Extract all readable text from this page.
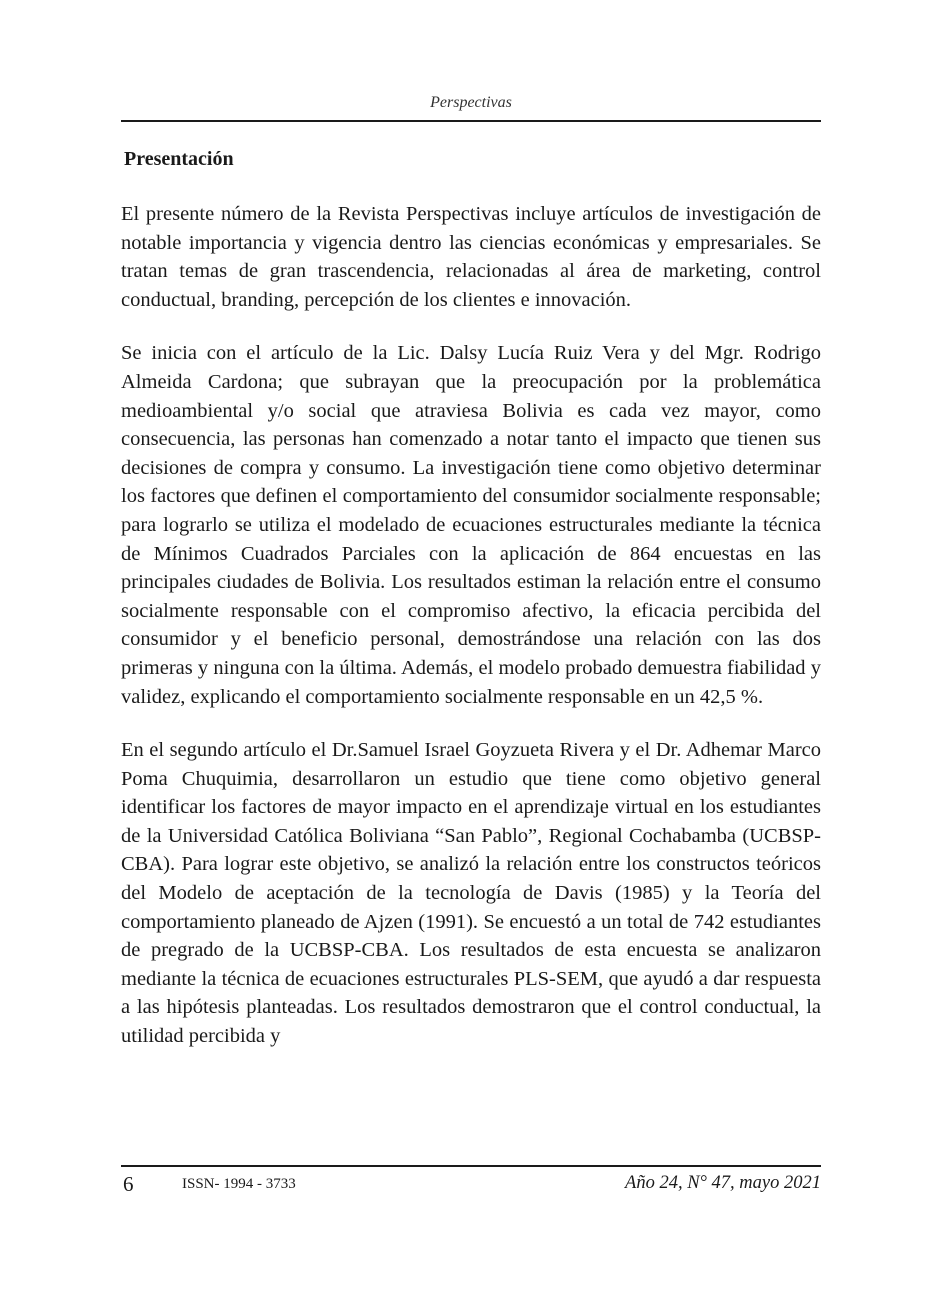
Perspectivas
Presentación

El presente número de la Revista Perspectivas incluye artículos de investigación de notable importancia y vigencia dentro las ciencias económicas y empresariales. Se tratan temas de gran trascendencia, relacionadas al área de marketing, control conductual, branding, percepción de los clientes e innovación.

Se inicia con el artículo de la Lic. Dalsy Lucía Ruiz Vera y del Mgr. Rodrigo Almeida Cardona; que subrayan que la preocupación por la problemática medioambiental y/o social que atraviesa Bolivia es cada vez mayor, como consecuencia, las personas han comenzado a notar tanto el impacto que tienen sus decisiones de compra y consumo. La investigación tiene como objetivo determinar los factores que definen el comportamiento del consumidor socialmente responsable; para lograrlo se utiliza el modelado de ecuaciones estructurales mediante la técnica de Mínimos Cuadrados Parciales con la aplicación de 864 encuestas en las principales ciudades de Bolivia. Los resultados estiman la relación entre el consumo socialmente responsable con el compromiso afectivo, la eficacia percibida del consumidor y el beneficio personal, demostrándose una relación con las dos primeras y ninguna con la última. Además, el modelo probado demuestra fiabilidad y validez, explicando el comportamiento socialmente responsable en un 42,5 %.

En el segundo artículo el Dr.Samuel Israel Goyzueta Rivera y el Dr. Adhemar Marco Poma Chuquimia, desarrollaron un estudio que tiene como objetivo general identificar los factores de mayor impacto en el aprendizaje virtual en los estudiantes de la Universidad Católica Boliviana “San Pablo”, Regional Cochabamba (UCBSP-CBA). Para lograr este objetivo, se analizó la relación entre los constructos teóricos del Modelo de aceptación de la tecnología de Davis (1985) y la Teoría del comportamiento planeado de Ajzen (1991). Se encuestó a un total de 742 estudiantes de pregrado de la UCBSP-CBA. Los resultados de esta encuesta se analizaron mediante la técnica de ecuaciones estructurales PLS-SEM, que ayudó a dar respuesta a las hipótesis planteadas. Los resultados demostraron que el control conductual, la utilidad percibida y

6	ISSN- 1994 - 3733	Año 24, N° 47, mayo 2021
